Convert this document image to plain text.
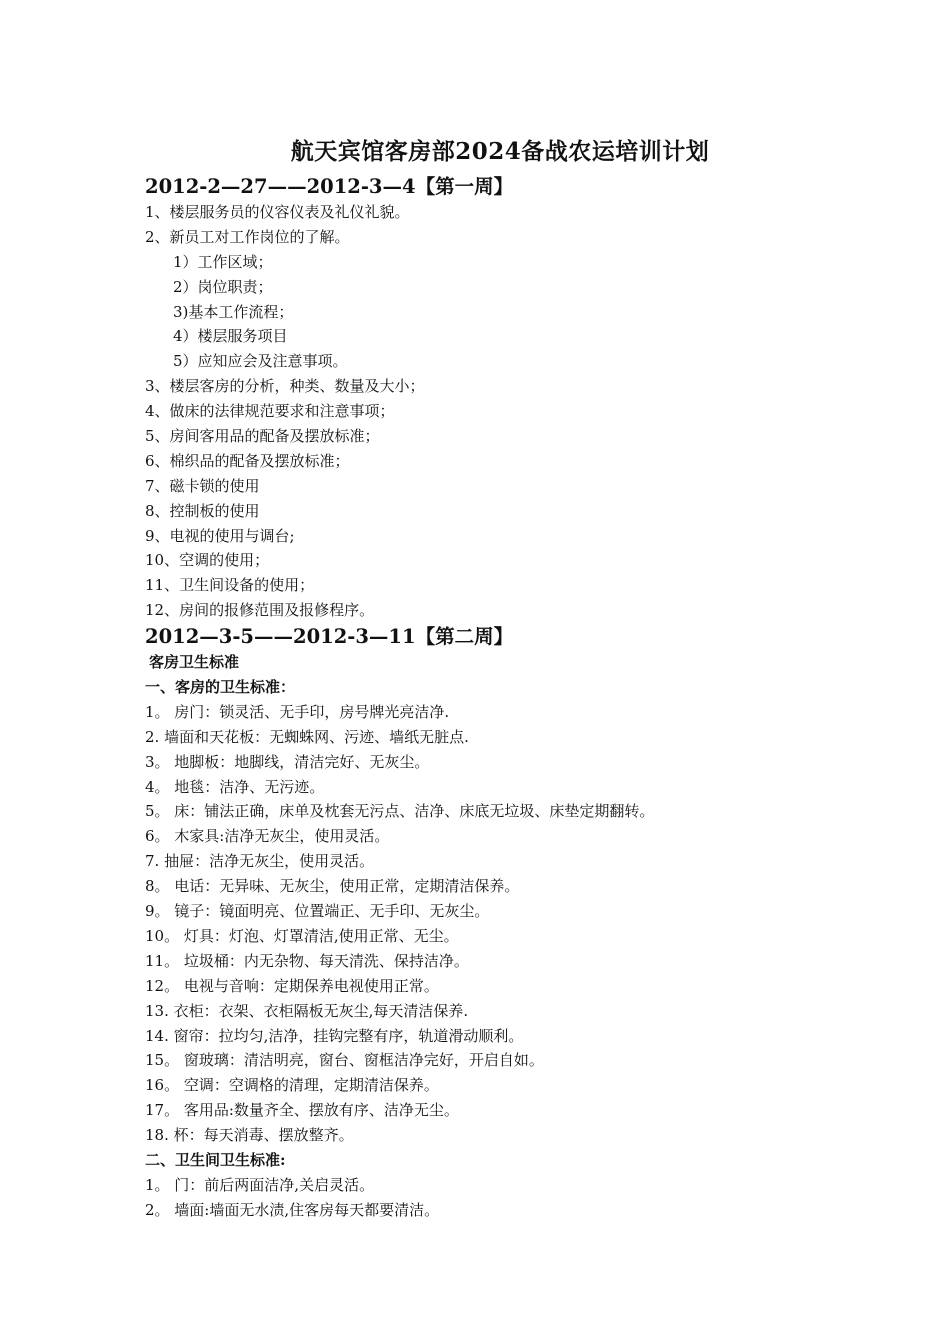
航天宾馆客房部2024备战农运培训计划
2012-2—27——2012-3—4【第一周】
1、楼层服务员的仪容仪表及礼仪礼貌。
2、新员工对工作岗位的了解。
1）工作区域；
2）岗位职责；
3)基本工作流程；
4）楼层服务项目
5）应知应会及注意事项。
3、楼层客房的分析，种类、数量及大小；
4、做床的法律规范要求和注意事项；
5、房间客用品的配备及摆放标准；
6、棉织品的配备及摆放标准；
7、磁卡锁的使用
8、控制板的使用
9、电视的使用与调台;
10、空调的使用；
11、卫生间设备的使用；
12、房间的报修范围及报修程序。
2012—3-5——2012-3—11【第二周】
客房卫生标准
一、客房的卫生标准：
1。 房门：锁灵活、无手印，房号牌光亮洁净.
2. 墙面和天花板：无蜘蛛网、污迹、墙纸无脏点.
3。 地脚板：地脚线，清洁完好、无灰尘。
4。 地毯：洁净、无污迹。
5。 床：铺法正确，床单及枕套无污点、洁净、床底无垃圾、床垫定期翻转。
6。 木家具:洁净无灰尘，使用灵活。
7. 抽屉：洁净无灰尘，使用灵活。
8。 电话：无异味、无灰尘，使用正常，定期清洁保养。
9。 镜子：镜面明亮、位置端正、无手印、无灰尘。
10。 灯具：灯泡、灯罩清洁,使用正常、无尘。
11。 垃圾桶：内无杂物、每天清洗、保持洁净。
12。 电视与音响：定期保养电视使用正常。
13. 衣柜：衣架、衣柜隔板无灰尘,每天清洁保养.
14. 窗帘：拉均匀,洁净，挂钩完整有序，轨道滑动顺利。
15。 窗玻璃：清洁明亮，窗台、窗框洁净完好，开启自如。
16。 空调：空调格的清理，定期清洁保养。
17。 客用品:数量齐全、摆放有序、洁净无尘。
18. 杯：每天消毒、摆放整齐。
二、卫生间卫生标准:
1。 门：前后两面洁净,关启灵活。
2。 墙面:墙面无水渍,住客房每天都要清洁。
